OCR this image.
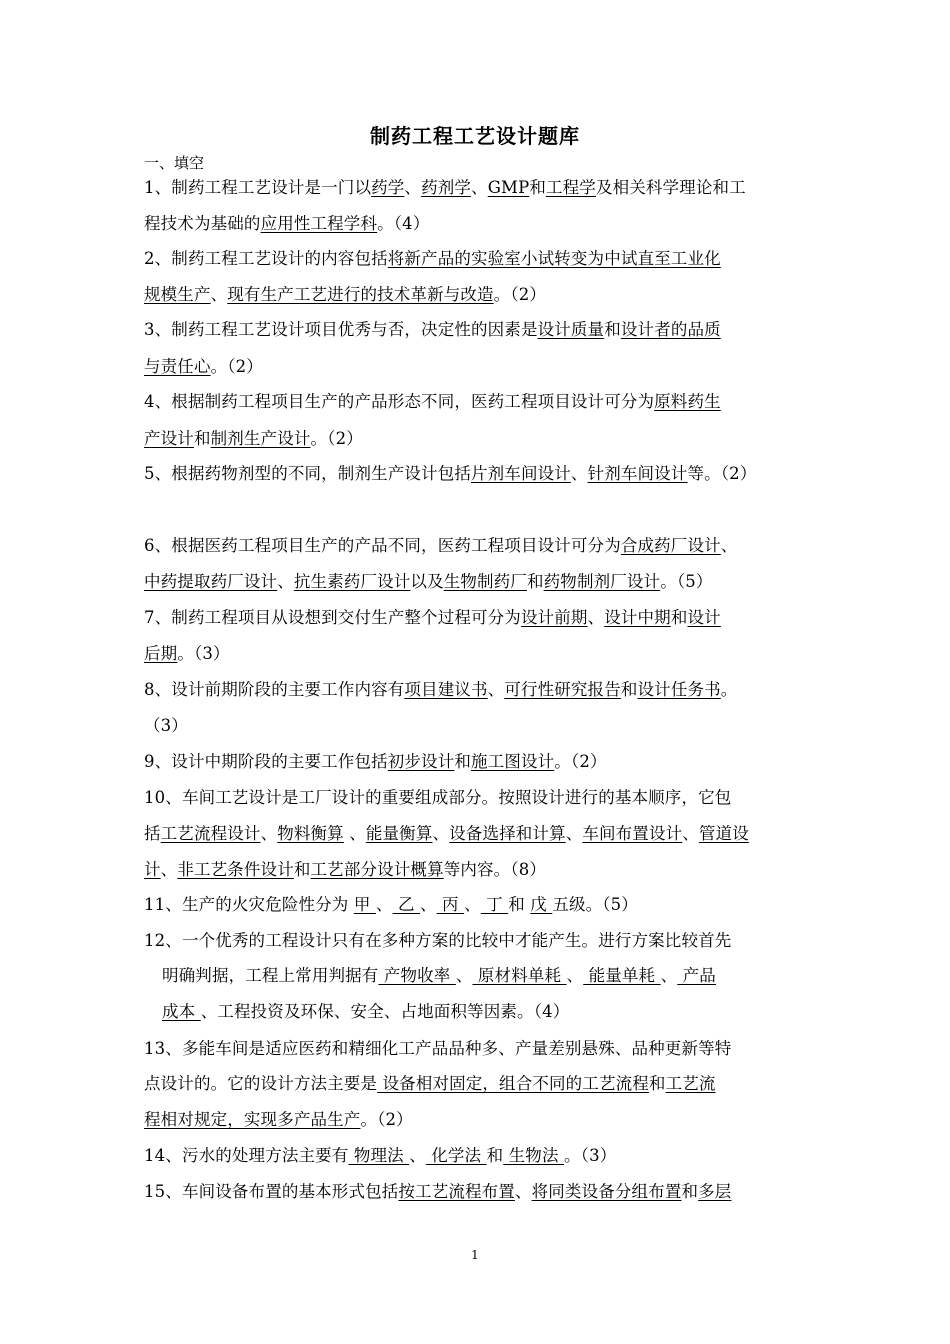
制药工程工艺设计题库
一、填空
1、制药工程工艺设计是一门以药学、药剂学、GMP和工程学及相关科学理论和工
程技术为基础的应用性工程学科。（4）
2、制药工程工艺设计的内容包括将新产品的实验室小试转变为中试直至工业化
规模生产、现有生产工艺进行的技术革新与改造。（2）
3、制药工程工艺设计项目优秀与否，决定性的因素是设计质量和设计者的品质
与责任心。（2）
4、根据制药工程项目生产的产品形态不同，医药工程项目设计可分为原料药生
产设计和制剂生产设计。（2）
5、根据药物剂型的不同，制剂生产设计包括片剂车间设计、针剂车间设计等。（2）
6、根据医药工程项目生产的产品不同，医药工程项目设计可分为合成药厂设计、
中药提取药厂设计、抗生素药厂设计以及生物制药厂和药物制剂厂设计。（5）
7、制药工程项目从设想到交付生产整个过程可分为设计前期、设计中期和设计
后期。（3）
8、设计前期阶段的主要工作内容有项目建议书、可行性研究报告和设计任务书。
（3）
9、设计中期阶段的主要工作包括初步设计和施工图设计。（2）
10、车间工艺设计是工厂设计的重要组成部分。按照设计进行的基本顺序，它包
括工艺流程设计、物料衡算 、能量衡算、设备选择和计算、车间布置设计、管道设
计、非工艺条件设计和工艺部分设计概算等内容。（8）
11、生产的火灾危险性分为 甲 、 乙 、 丙 、 丁 和 戊 五级。（5）
12、一个优秀的工程设计只有在多种方案的比较中才能产生。进行方案比较首先
明确判据，工程上常用判据有 产物收率 、 原材料单耗 、 能量单耗 、 产品
成本 、工程投资及环保、安全、占地面积等因素。（4）
13、多能车间是适应医药和精细化工产品品种多、产量差别悬殊、品种更新等特
点设计的。它的设计方法主要是 设备相对固定，组合不同的工艺流程和工艺流
程相对规定，实现多产品生产。（2）
14、污水的处理方法主要有 物理法 、 化学法 和 生物法 。（3）
15、车间设备布置的基本形式包括按工艺流程布置、将同类设备分组布置和多层
1
